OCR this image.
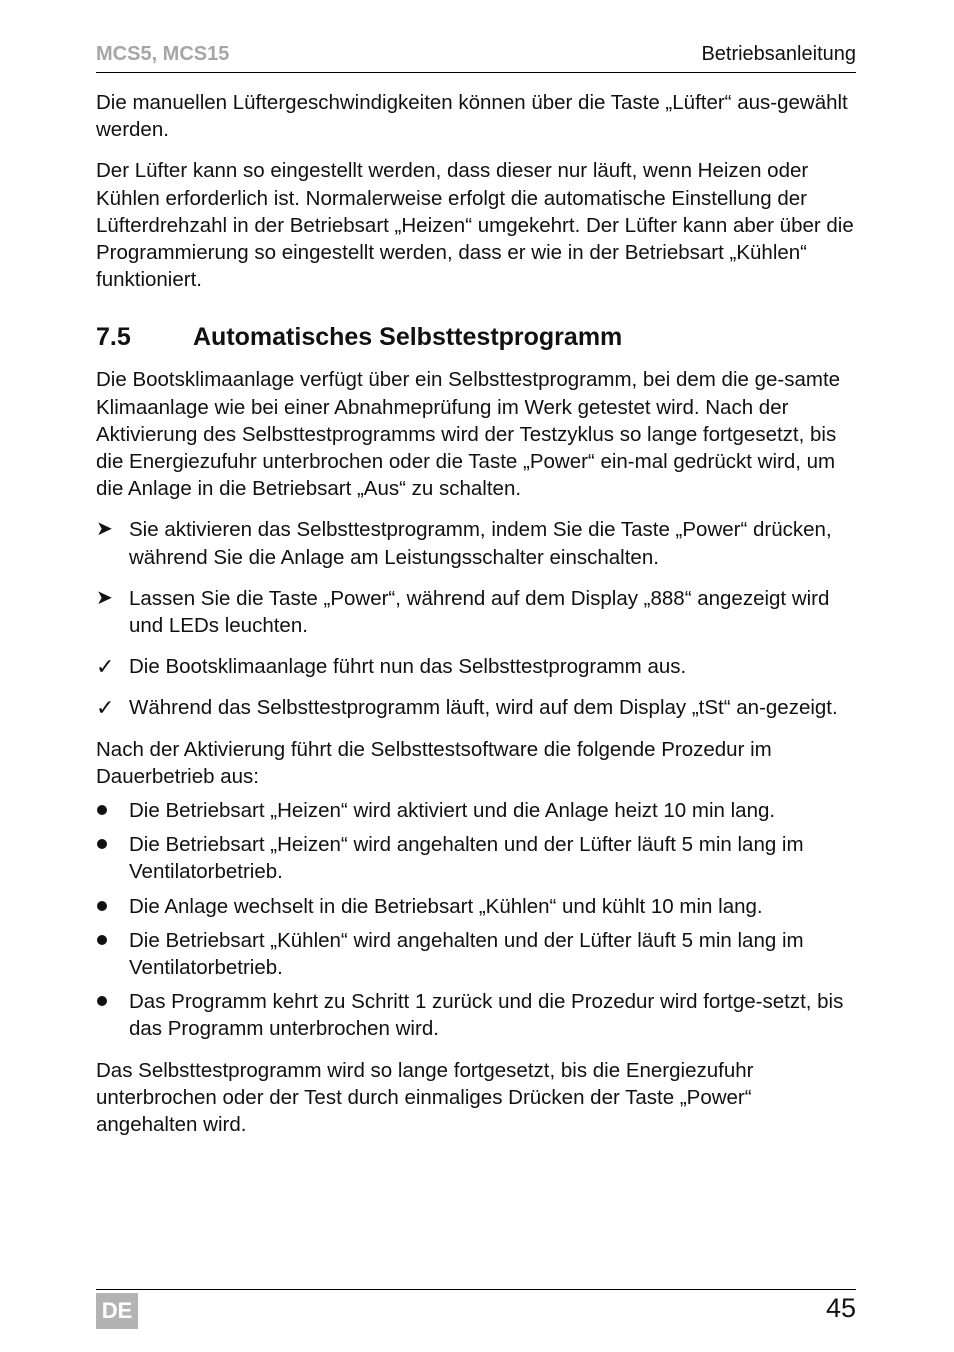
MCS5, MCS15	Betriebsanleitung

Die manuellen Lüftergeschwindigkeiten können über die Taste „Lüfter“ aus-gewählt werden.

Der Lüfter kann so eingestellt werden, dass dieser nur läuft, wenn Heizen oder Kühlen erforderlich ist. Normalerweise erfolgt die automatische Einstellung der Lüfterdrehzahl in der Betriebsart „Heizen“ umgekehrt. Der Lüfter kann aber über die Programmierung so eingestellt werden, dass er wie in der Betriebsart „Kühlen“ funktioniert.

7.5 Automatisches Selbsttestprogramm

Die Bootsklimaanlage verfügt über ein Selbsttestprogramm, bei dem die ge-samte Klimaanlage wie bei einer Abnahmeprüfung im Werk getestet wird. Nach der Aktivierung des Selbsttestprogramms wird der Testzyklus so lange fortgesetzt, bis die Energiezufuhr unterbrochen oder die Taste „Power“ ein-mal gedrückt wird, um die Anlage in die Betriebsart „Aus“ zu schalten.

➤ Sie aktivieren das Selbsttestprogramm, indem Sie die Taste „Power“ drücken, während Sie die Anlage am Leistungsschalter einschalten.
➤ Lassen Sie die Taste „Power“, während auf dem Display „888“ angezeigt wird und LEDs leuchten.
✓ Die Bootsklimaanlage führt nun das Selbsttestprogramm aus.
✓ Während das Selbsttestprogramm läuft, wird auf dem Display „tSt“ an-gezeigt.

Nach der Aktivierung führt die Selbsttestsoftware die folgende Prozedur im Dauerbetrieb aus:

Die Betriebsart „Heizen“ wird aktiviert und die Anlage heizt 10 min lang.
Die Betriebsart „Heizen“ wird angehalten und der Lüfter läuft 5 min lang im Ventilatorbetrieb.
Die Anlage wechselt in die Betriebsart „Kühlen“ und kühlt 10 min lang.
Die Betriebsart „Kühlen“ wird angehalten und der Lüfter läuft 5 min lang im Ventilatorbetrieb.
Das Programm kehrt zu Schritt 1 zurück und die Prozedur wird fortge-setzt, bis das Programm unterbrochen wird.

Das Selbsttestprogramm wird so lange fortgesetzt, bis die Energiezufuhr unterbrochen oder der Test durch einmaliges Drücken der Taste „Power“ angehalten wird.

DE	45
